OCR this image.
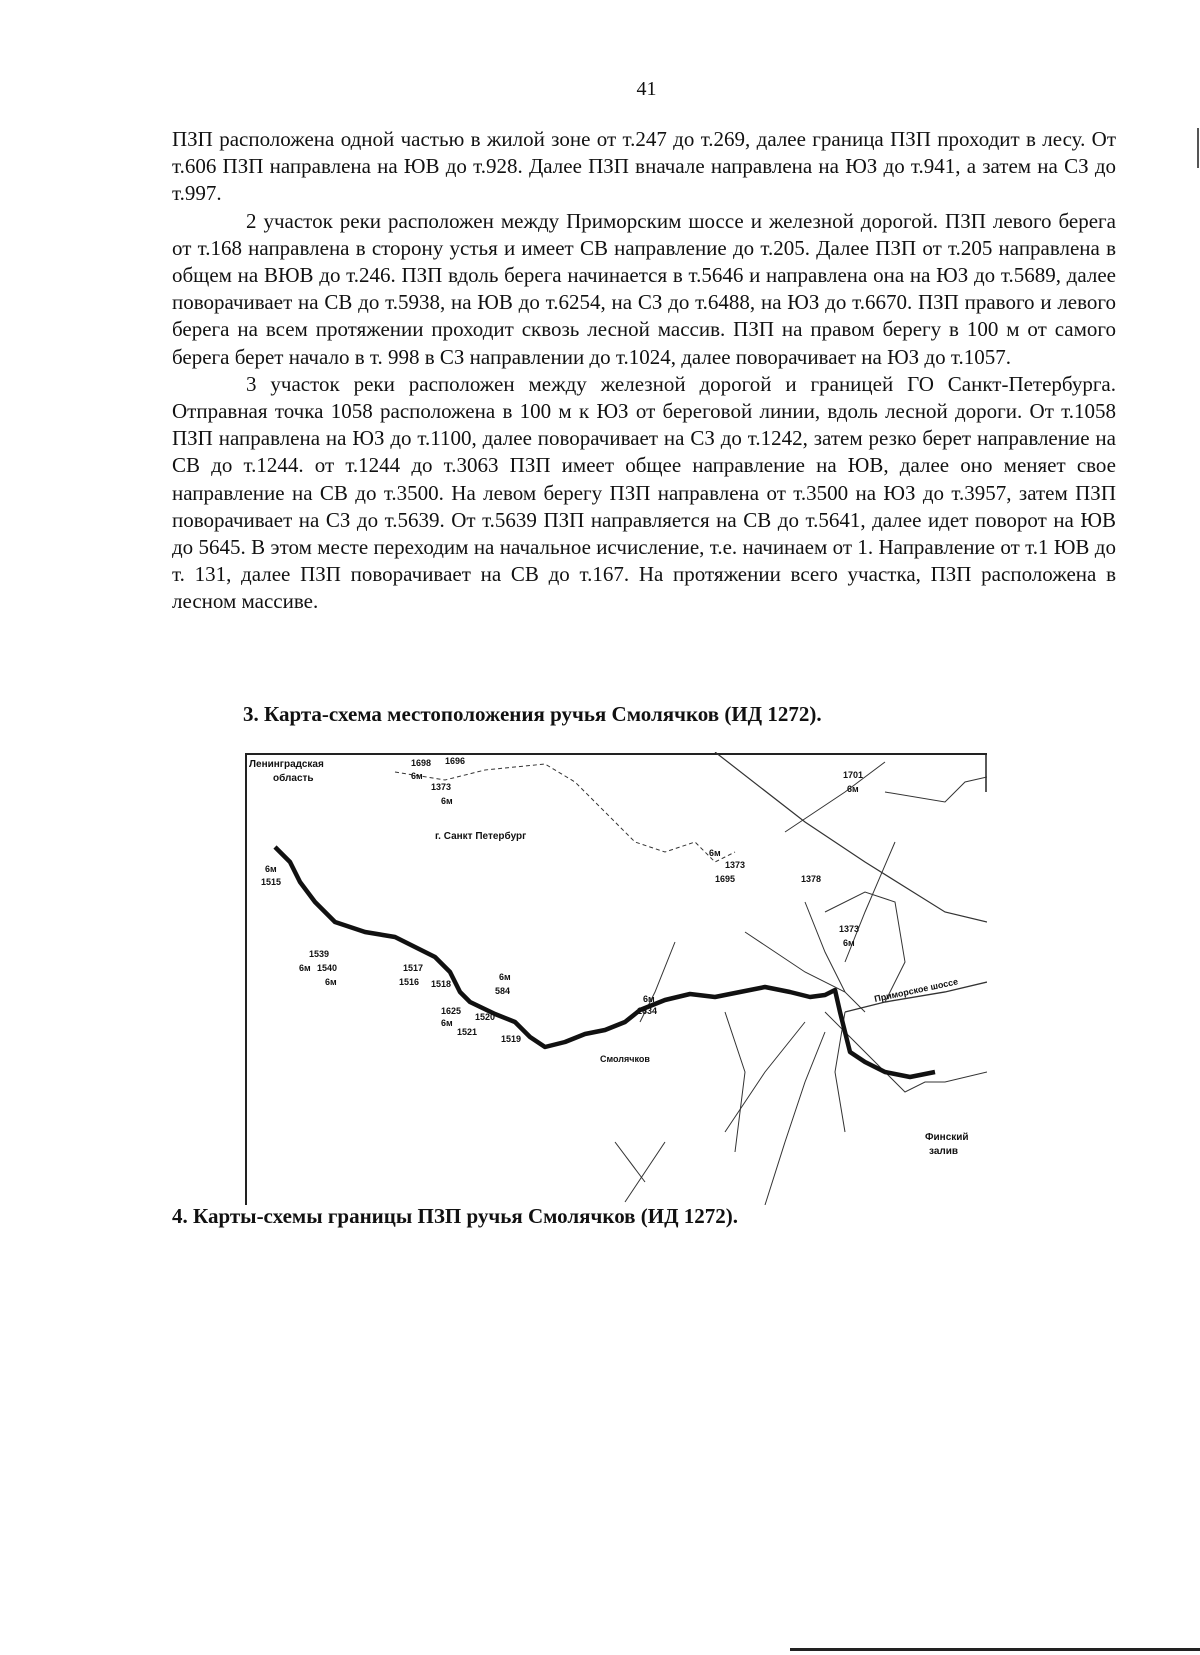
41

ПЗП расположена одной частью в жилой зоне от т.247 до т.269, далее граница ПЗП проходит в лесу. От т.606 ПЗП направлена на ЮВ до т.928. Далее ПЗП вначале направлена на ЮЗ до т.941, а затем на СЗ до т.997.

2 участок реки расположен между Приморским шоссе и железной дорогой. ПЗП левого берега от т.168 направлена в сторону устья и имеет СВ направление до т.205. Далее ПЗП от т.205 направлена в общем на ВЮВ до т.246. ПЗП вдоль берега начинается в т.5646 и направлена она на ЮЗ до т.5689, далее поворачивает на СВ до т.5938, на ЮВ до т.6254, на СЗ до т.6488, на ЮЗ до т.6670. ПЗП правого и левого берега на всем протяжении проходит сквозь лесной массив. ПЗП на правом берегу в 100 м от самого берега берет начало в т. 998 в СЗ направлении до т.1024, далее поворачивает на ЮЗ до т.1057.

3 участок реки расположен между железной дорогой и границей ГО Санкт-Петербурга. Отправная точка 1058 расположена в 100 м к ЮЗ от береговой линии, вдоль лесной дороги. От т.1058 ПЗП направлена на ЮЗ до т.1100, далее поворачивает на СЗ до т.1242, затем резко берет направление на СВ до т.1244. от т.1244 до т.3063 ПЗП имеет общее направление на ЮВ, далее оно меняет свое направление на СВ до т.3500. На левом берегу ПЗП направлена от т.3500 на ЮЗ до т.3957, затем ПЗП поворачивает на СЗ до т.5639. От т.5639 ПЗП направляется на СВ до т.5641, далее идет поворот на ЮВ до 5645. В этом месте переходим на начальное исчисление, т.е. начинаем от 1. Направление от т.1 ЮВ до т. 131, далее ПЗП поворачивает на СВ до т.167. На протяжении всего участка, ПЗП расположена в лесном массиве.

3. Карта-схема местоположения ручья Смолячков (ИД 1272).
Ленинградская
область
г. Санкт Петербург
Финский
залив
Приморское шоссе
Смолячков
1698 1696
6м
1373
6м
1701
6м
6м
1515
1539
6м 1540
6м
1517
1516 1518
1625
1520
1521
6м
1519
6м
584
6м
1634
6м
1373
1695	1378
1373
6м
4. Карты-схемы границы ПЗП ручья Смолячков (ИД 1272).
